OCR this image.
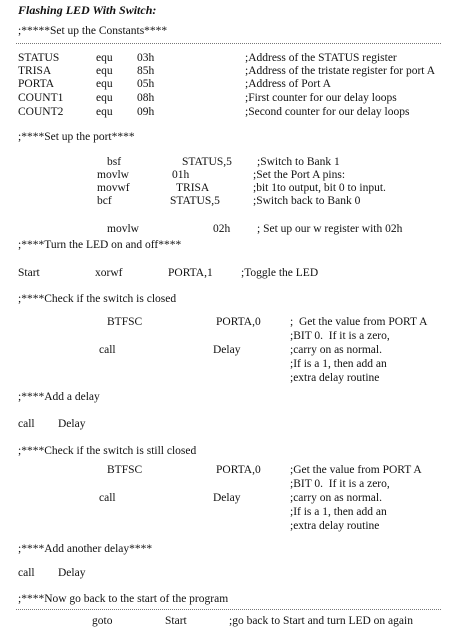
Flashing LED With Switch:
;*****Set up the Constants****
STATUS	equ 03h	;Address of the STATUS register
TRISA	equ 85h	;Address of the tristate register for port A
PORTA	equ 05h	;Address of Port A
COUNT1	equ 08h	;First counter for our delay loops
COUNT2	equ 09h	;Second counter for our delay loops
;****Set up the port****
bsf	STATUS,5 ;Switch to Bank 1
movlw	01h	;Set the Port A pins:
movwf	TRISA	;bit 1to output, bit 0 to input.
bcf	STATUS,5	;Switch back to Bank 0
movlw	02h ; Set up our w register with 02h
;****Turn the LED on and off****
Start	xorwf	PORTA,1 ;Toggle the LED
;****Check if the switch is closed
BTFSC	PORTA,0	;  Get the value from PORT A
;BIT 0.  If it is a zero,
call	Delay	;carry on as normal.
;If is a 1, then add an
;extra delay routine
;****Add a delay
call Delay
;****Check if the switch is still closed
BTFSC	PORTA,0	;Get the value from PORT A
;BIT 0.  If it is a zero,
call	Delay	;carry on as normal.
;If is a 1, then add an
;extra delay routine
;****Add another delay****
call Delay
;****Now go back to the start of the program
goto	Start	;go back to Start and turn LED on again
